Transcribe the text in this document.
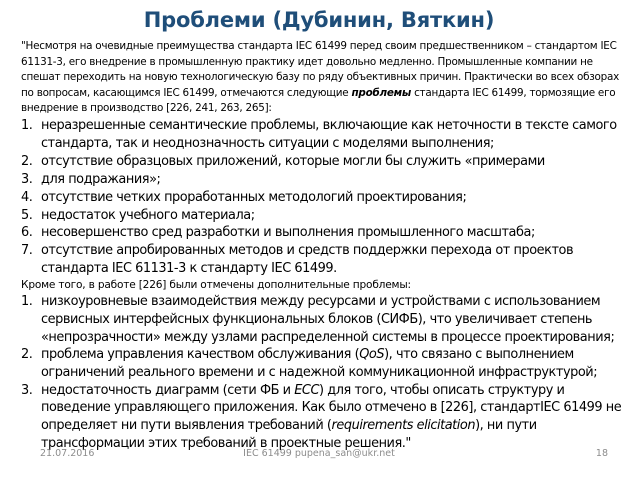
Проблеми (Дубинин, Вяткин)

"Несмотря на очевидные преимущества стандарта IEC 61499 перед своим предшественником – стандартом IEC 61131-3, его внедрение в промышленную практику идет довольно медленно. Промышленные компании не спешат переходить на новую технологическую базу по ряду объективных причин. Практически во всех обзорах по вопросам, касающимся IEC 61499, отмечаются следующие проблемы стандарта IEC 61499, тормозящие его внедрение в производство [226, 241, 263, 265]:

1. неразрешенные семантические проблемы, включающие как неточности в тексте самого стандарта, так и неоднозначность ситуации с моделями выполнения;
2. отсутствие образцовых приложений, которые могли бы служить «примерами
3. для подражания»;
4. отсутствие четких проработанных методологий проектирования;
5. недостаток учебного материала;
6. несовершенство сред разработки и выполнения промышленного масштаба;
7. отсутствие апробированных методов и средств поддержки перехода от проектов стандарта IEC 61131-3 к стандарту IEC 61499.

Кроме того, в работе [226] были отмечены дополнительные проблемы:

1. низкоуровневые взаимодействия между ресурсами и устройствами с использованием сервисных интерфейсных функциональных блоков (СИФБ), что увеличивает степень «непрозрачности» между узлами распределенной системы в процессе проектирования;
2. проблема управления качеством обслуживания (QoS), что связано с выполнением ограничений реального времени и с надежной коммуникационной инфраструктурой;
3. недостаточность диаграмм (сети ФБ и ECC) для того, чтобы описать структуру и поведение управляющего приложения. Как было отмечено в [226], стандартIEC 61499 не определяет ни пути выявления требований (requirements elicitation), ни пути трансформации этих требований в проектные решения."
21.07.2016	IEC 61499 pupena_san@ukr.net	18
